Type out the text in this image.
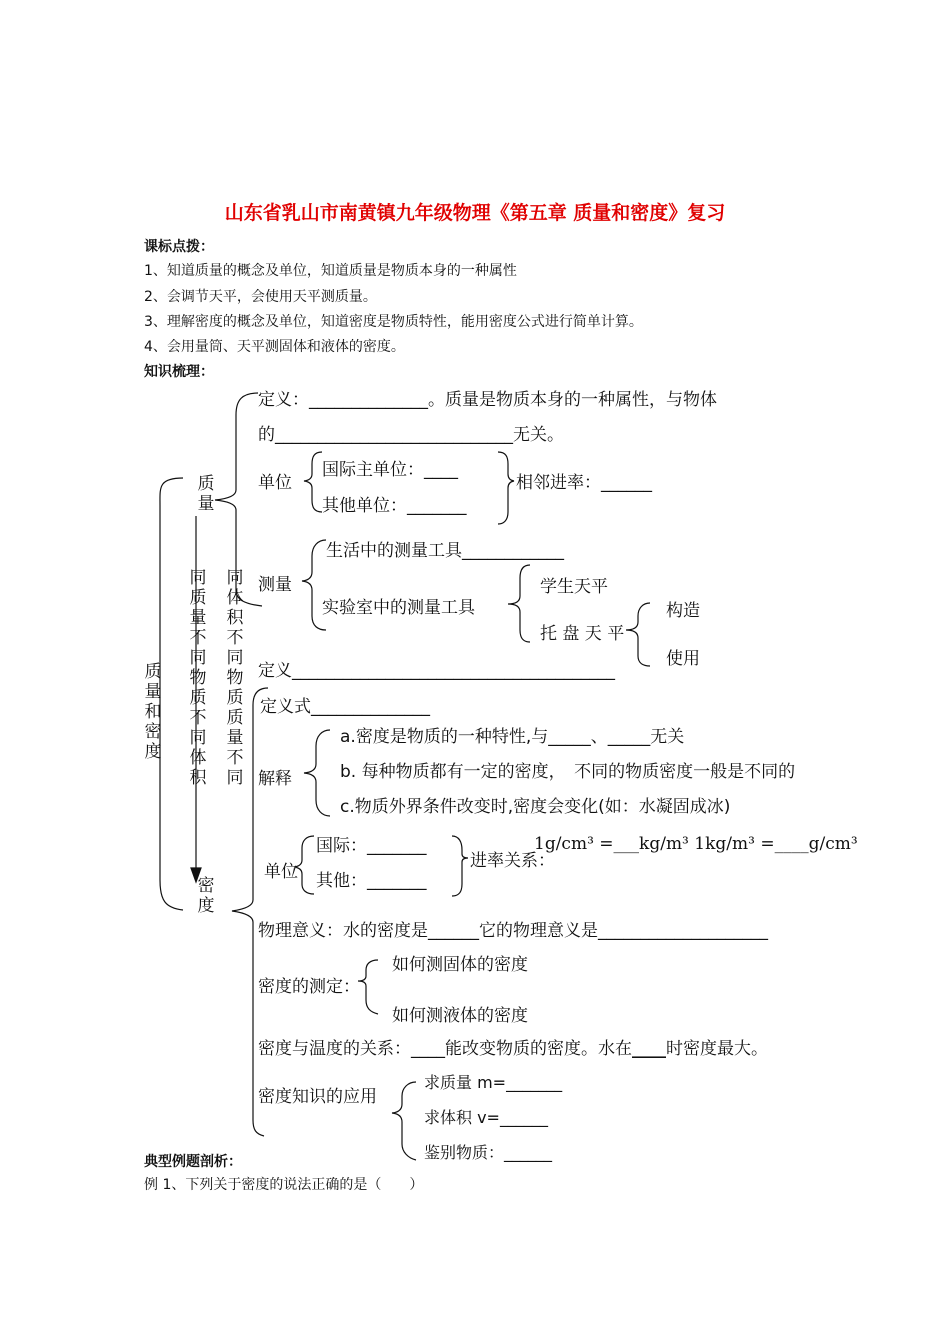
山东省乳山市南黄镇九年级物理《第五章 质量和密度》复习
课标点拨：
1、知道质量的概念及单位，知道质量是物质本身的一种属性
2、会调节天平，会使用天平测质量。
3、理解密度的概念及单位，知道密度是物质特性，能用密度公式进行简单计算。
4、会用量筒、天平测固体和液体的密度。
知识梳理：
质
量
和
密
度
质
量
同
质
量
不
同
物
质
不
同
体
积
同
体
积
不
同
物
质
质
量
不
同
密
度
定义：______________。质量是物质本身的一种属性，与物体
的____________________________无关。
单位
国际主单位：____
其他单位：_______
相邻进率：______
测量
生活中的测量工具____________
实验室中的测量工具
学生天平
托 盘 天 平
构造
使用
定义______________________________________
定义式______________
解释
a.密度是物质的一种特性,与_____、_____无关
b. 每种物质都有一定的密度，　不同的物质密度一般是不同的
c.物质外界条件改变时,密度会变化(如：水凝固成冰)
单位
国际：_______
其他：_______
进率关系：
1g/cm³ =___kg/m³ 1kg/m³ =____g/cm³
物理意义：水的密度是______它的物理意义是____________________
密度的测定：
如何测固体的密度
如何测液体的密度
密度与温度的关系：____能改变物质的密度。水在____时密度最大。
密度知识的应用
求质量 m=_______
求体积 v=______
鉴别物质：______
典型例题剖析：
例 1、下列关于密度的说法正确的是（　　）
